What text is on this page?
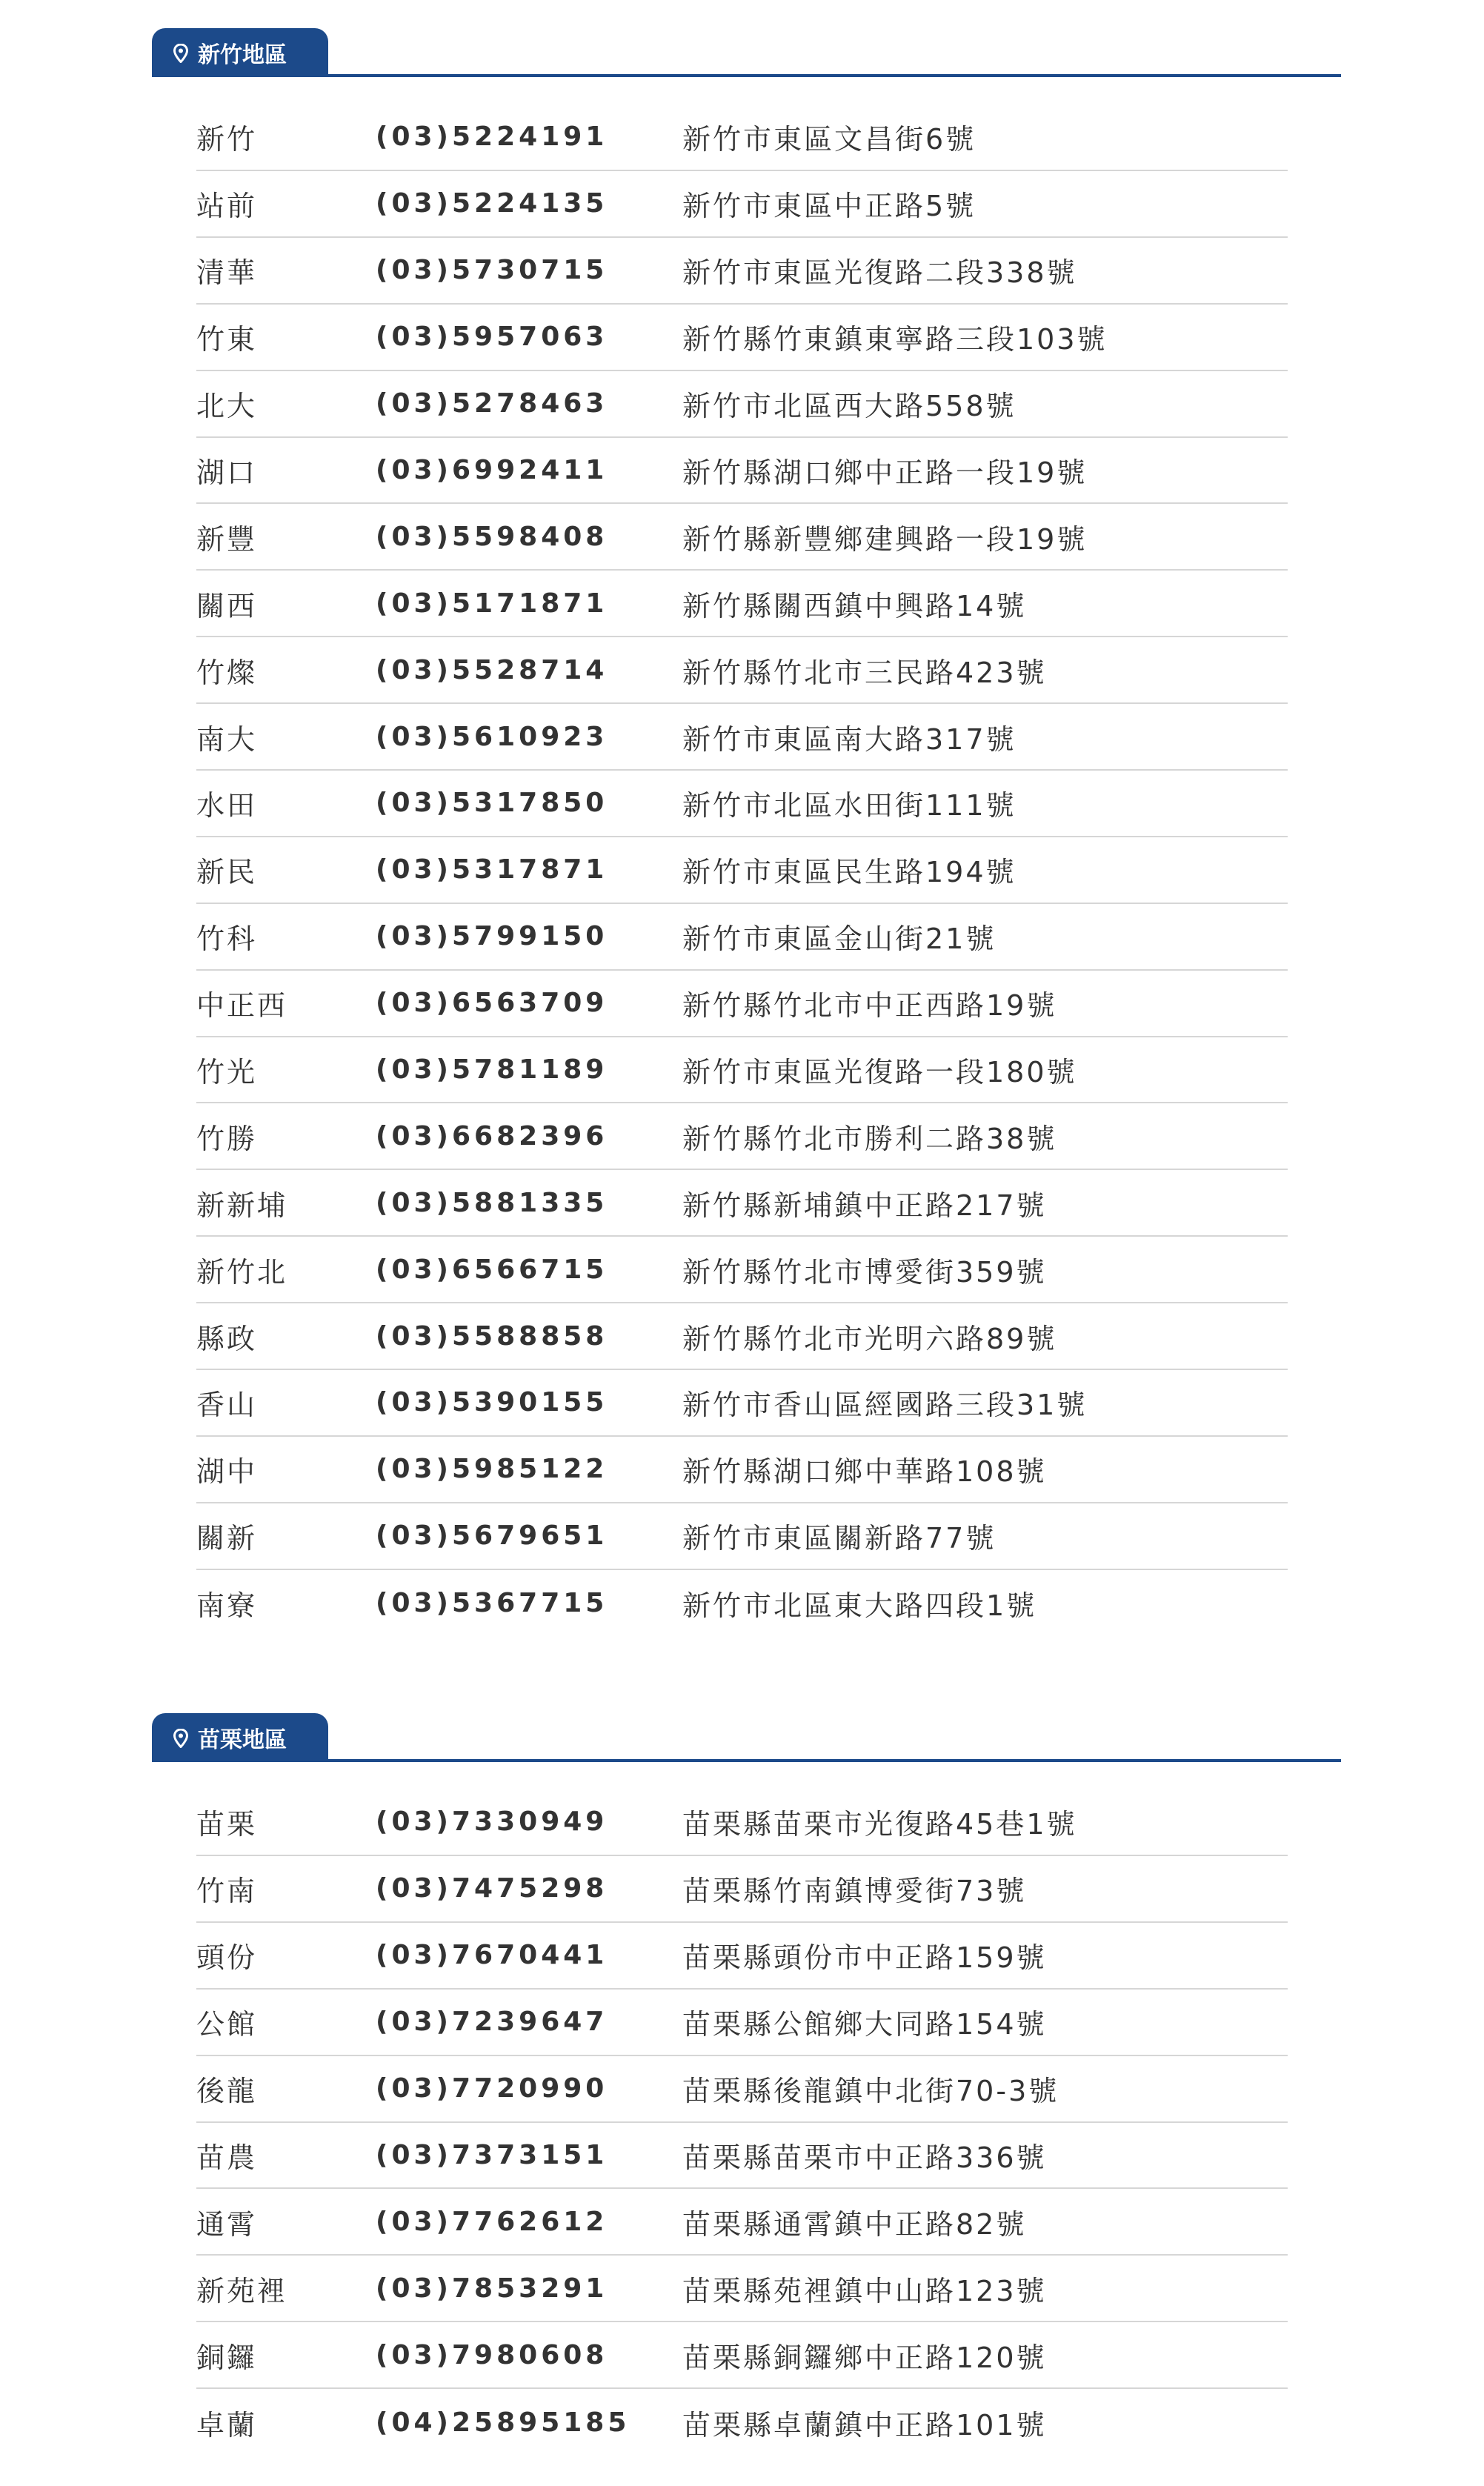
新竹地區
新竹	(03)5224191	新竹市東區文昌街6號
站前	(03)5224135	新竹市東區中正路5號
清華	(03)5730715	新竹市東區光復路二段338號
竹東	(03)5957063	新竹縣竹東鎮東寧路三段103號
北大	(03)5278463	新竹市北區西大路558號
湖口	(03)6992411	新竹縣湖口鄉中正路一段19號
新豐	(03)5598408	新竹縣新豐鄉建興路一段19號
關西	(03)5171871	新竹縣關西鎮中興路14號
竹燦	(03)5528714	新竹縣竹北市三民路423號
南大	(03)5610923	新竹市東區南大路317號
水田	(03)5317850	新竹市北區水田街111號
新民	(03)5317871	新竹市東區民生路194號
竹科	(03)5799150	新竹市東區金山街21號
中正西	(03)6563709	新竹縣竹北市中正西路19號
竹光	(03)5781189	新竹市東區光復路一段180號
竹勝	(03)6682396	新竹縣竹北市勝利二路38號
新新埔	(03)5881335	新竹縣新埔鎮中正路217號
新竹北	(03)6566715	新竹縣竹北市博愛街359號
縣政	(03)5588858	新竹縣竹北市光明六路89號
香山	(03)5390155	新竹市香山區經國路三段31號
湖中	(03)5985122	新竹縣湖口鄉中華路108號
關新	(03)5679651	新竹市東區關新路77號
南寮	(03)5367715	新竹市北區東大路四段1號
苗栗地區
苗栗	(03)7330949	苗栗縣苗栗市光復路45巷1號
竹南	(03)7475298	苗栗縣竹南鎮博愛街73號
頭份	(03)7670441	苗栗縣頭份市中正路159號
公館	(03)7239647	苗栗縣公館鄉大同路154號
後龍	(03)7720990	苗栗縣後龍鎮中北街70-3號
苗農	(03)7373151	苗栗縣苗栗市中正路336號
通霄	(03)7762612	苗栗縣通霄鎮中正路82號
新苑裡	(03)7853291	苗栗縣苑裡鎮中山路123號
銅鑼	(03)7980608	苗栗縣銅鑼鄉中正路120號
卓蘭	(04)25895185	苗栗縣卓蘭鎮中正路101號
